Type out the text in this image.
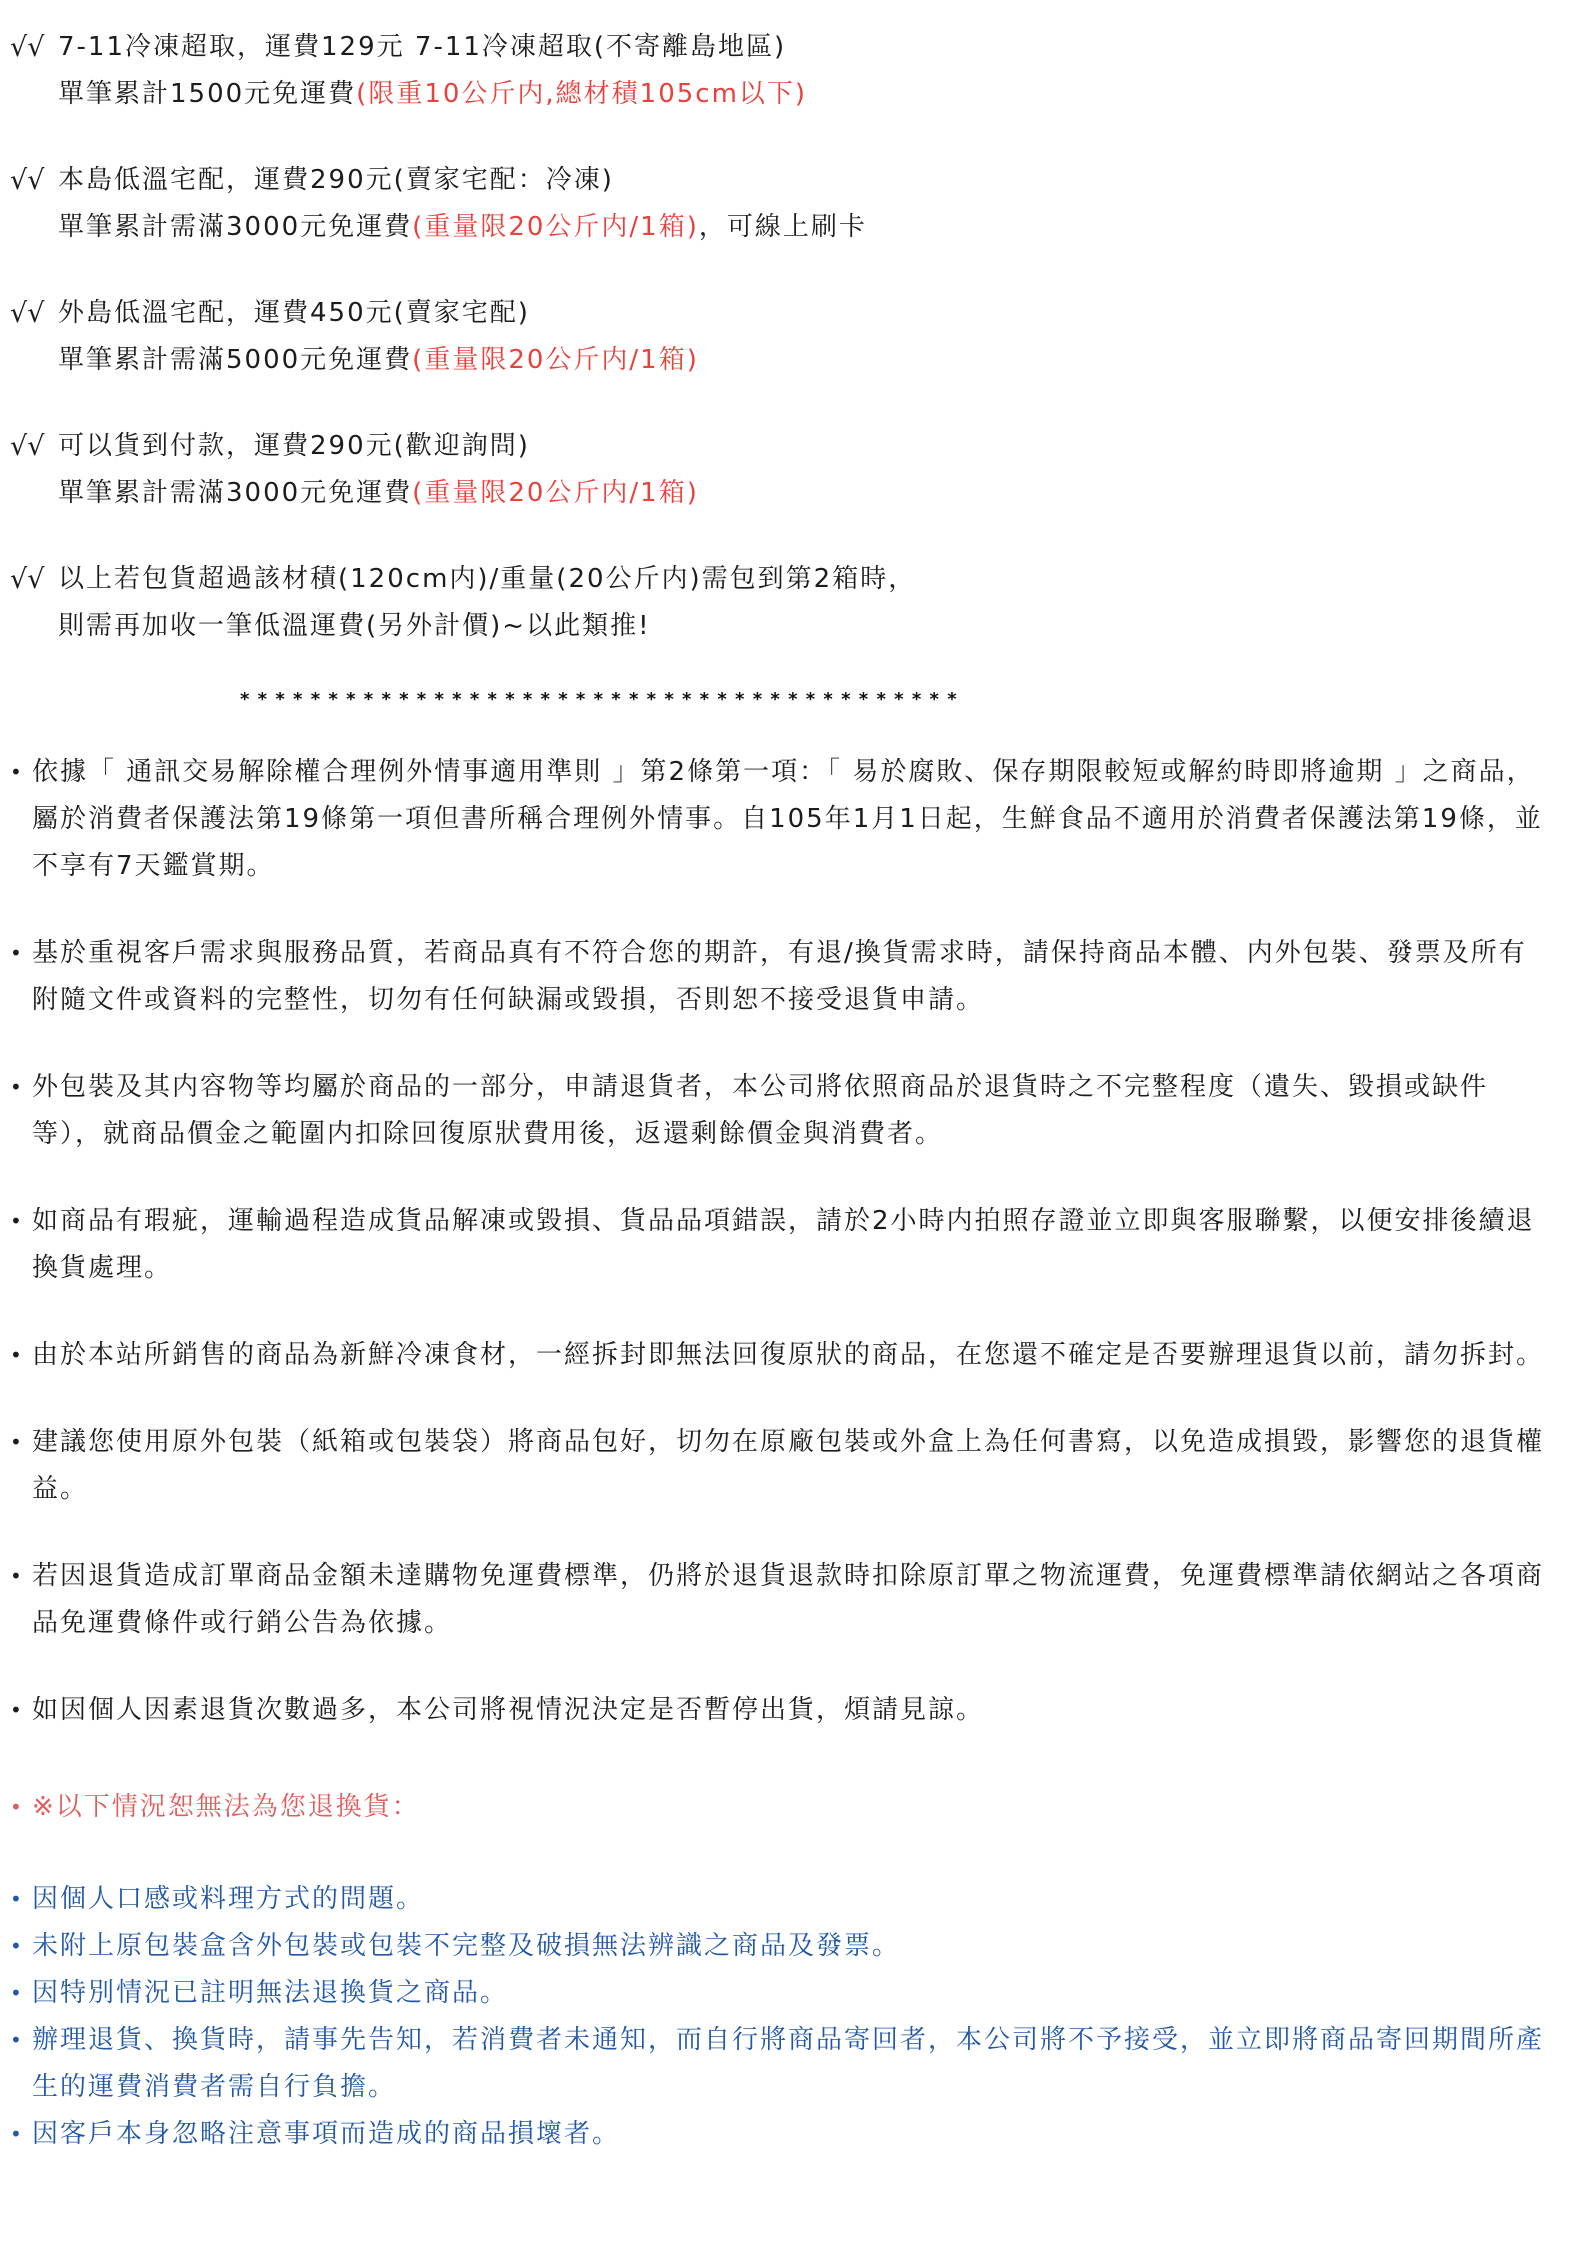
√√ 7-11冷凍超取，運費129元 7-11冷凍超取(不寄離島地區)
單筆累計1500元免運費(限重10公斤内,總材積105cm以下)
√√ 本島低溫宅配，運費290元(賣家宅配：冷凍)
單筆累計需滿3000元免運費(重量限20公斤内/1箱)，可線上刷卡
√√ 外島低溫宅配，運費450元(賣家宅配)
單筆累計需滿5000元免運費(重量限20公斤内/1箱)
√√ 可以貨到付款，運費290元(歡迎詢問)
單筆累計需滿3000元免運費(重量限20公斤内/1箱)
√√ 以上若包貨超過該材積(120cm内)/重量(20公斤内)需包到第2箱時，
則需再加收一筆低溫運費(另外計價)~以此類推!
* * * * * * * * * * * * * * * * * * * * * * * * * * * * * * * * * * * * * * * * *
• 依據「 通訊交易解除權合理例外情事適用準則 」第2條第一項：「 易於腐敗、保存期限較短或解約時即將逾期 」之商品，屬於消費者保護法第19條第一項但書所稱合理例外情事。自105年1月1日起，生鮮食品不適用於消費者保護法第19條，並不享有7天鑑賞期。
• 基於重視客戶需求與服務品質，若商品真有不符合您的期許，有退/換貨需求時，請保持商品本體、内外包裝、發票及所有附隨文件或資料的完整性，切勿有任何缺漏或毀損，否則恕不接受退貨申請。
• 外包裝及其内容物等均屬於商品的一部分，申請退貨者，本公司將依照商品於退貨時之不完整程度（遺失、毀損或缺件等），就商品價金之範圍内扣除回復原狀費用後，返還剩餘價金與消費者。
• 如商品有瑕疵，運輸過程造成貨品解凍或毀損、貨品品項錯誤，請於2小時内拍照存證並立即與客服聯繫，以便安排後續退換貨處理。
• 由於本站所銷售的商品為新鮮冷凍食材，一經拆封即無法回復原狀的商品，在您還不確定是否要辦理退貨以前，請勿拆封。
• 建議您使用原外包裝（紙箱或包裝袋）將商品包好，切勿在原廠包裝或外盒上為任何書寫，以免造成損毀，影響您的退貨權益。
• 若因退貨造成訂單商品金額未達購物免運費標準，仍將於退貨退款時扣除原訂單之物流運費，免運費標準請依網站之各項商品免運費條件或行銷公告為依據。
• 如因個人因素退貨次數過多，本公司將視情況決定是否暫停出貨，煩請見諒。
• ※以下情況恕無法為您退換貨：
• 因個人口感或料理方式的問題。
• 未附上原包裝盒含外包裝或包裝不完整及破損無法辨識之商品及發票。
• 因特別情況已註明無法退換貨之商品。
• 辦理退貨、換貨時，請事先告知，若消費者未通知，而自行將商品寄回者，本公司將不予接受，並立即將商品寄回期間所產生的運費消費者需自行負擔。
• 因客戶本身忽略注意事項而造成的商品損壞者。
